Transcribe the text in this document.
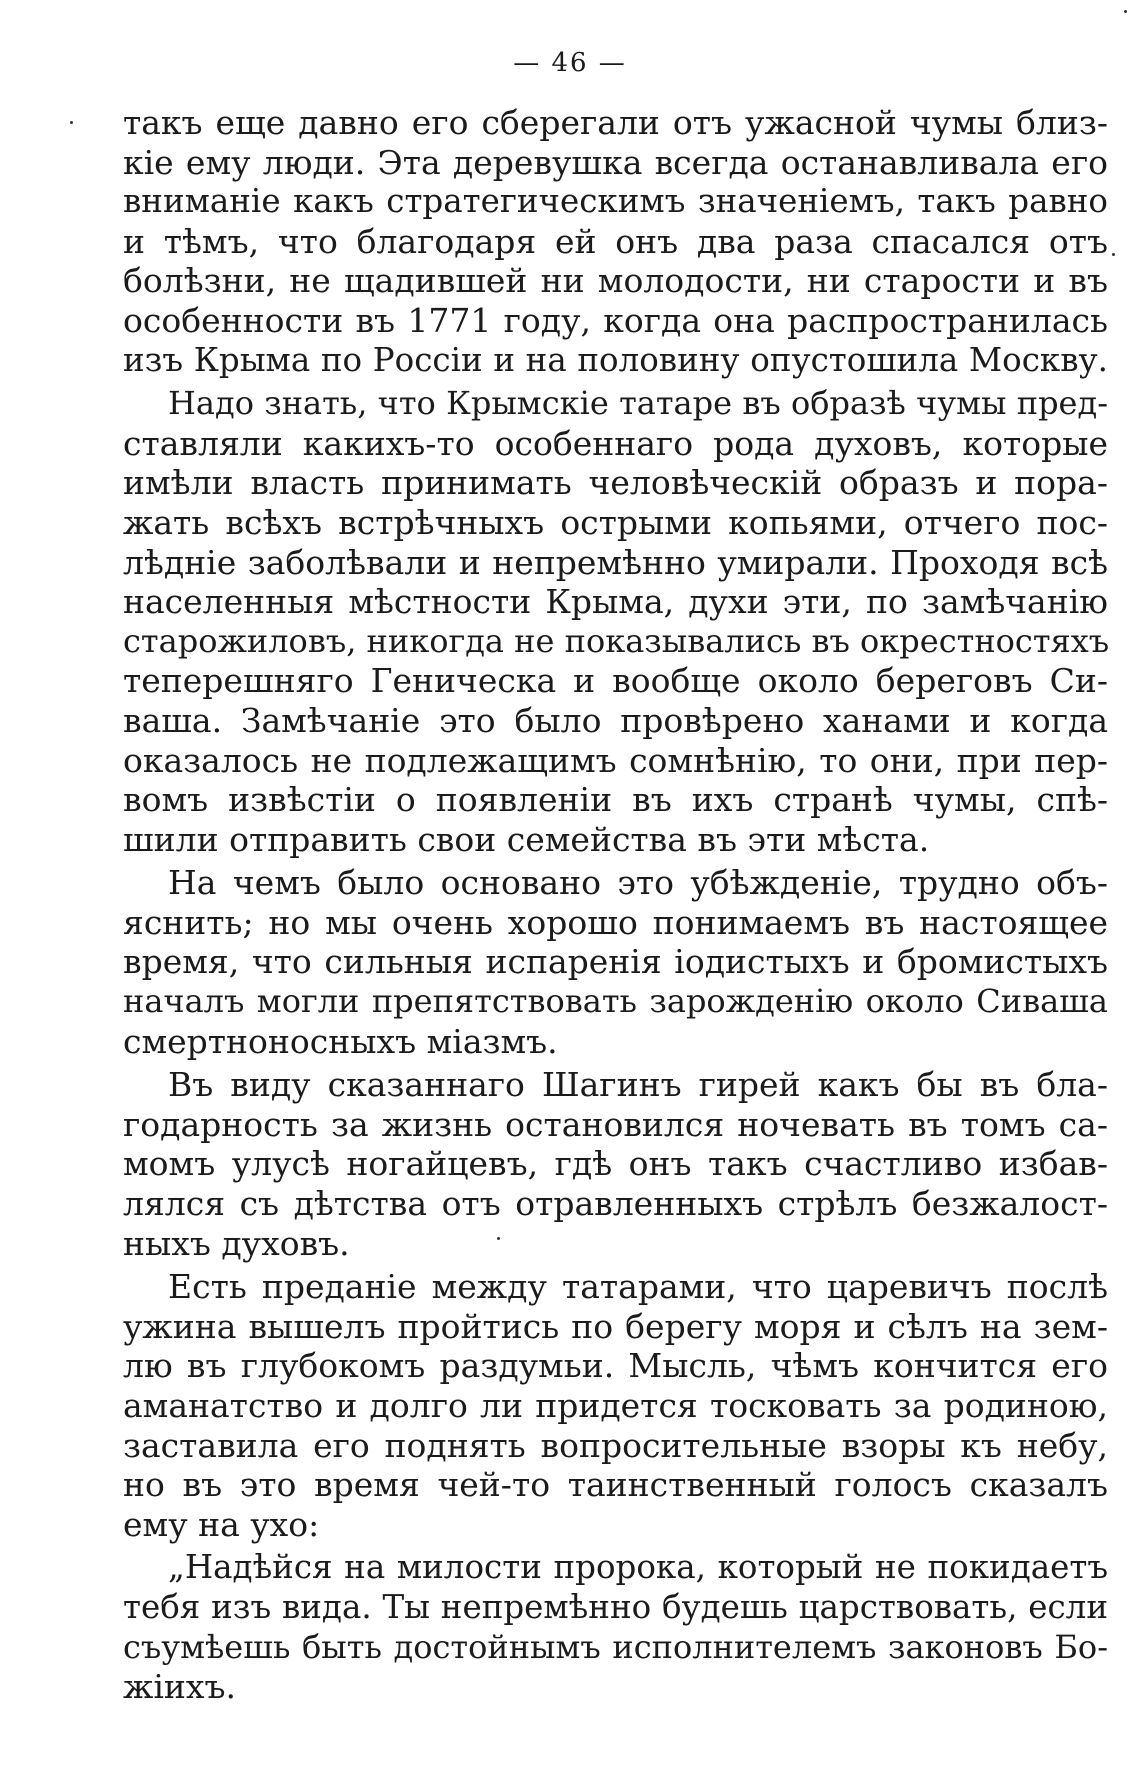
— 46 —
такъ еще давно его сберегали отъ ужасной чумы близ-
кіе ему люди. Эта деревушка всегда останавливала его
вниманіе какъ стратегическимъ значеніемъ, такъ равно
и тѣмъ, что благодаря ей онъ два раза спасался отъ
болѣзни, не щадившей ни молодости, ни старости и въ
особенности въ 1771 году, когда она распространилась
изъ Крыма по Россіи и на половину опустошила Москву.
Надо знать, что Крымскіе татаре въ образѣ чумы пред-
ставляли какихъ-то особеннаго рода духовъ, которые
имѣли власть принимать человѣческій образъ и пора-
жать всѣхъ встрѣчныхъ острыми копьями, отчего пос-
лѣдніе заболѣвали и непремѣнно умирали. Проходя всѣ
населенныя мѣстности Крыма, духи эти, по замѣчанію
старожиловъ, никогда не показывались въ окрестностяхъ
теперешняго Геническа и вообще около береговъ Си-
ваша. Замѣчаніе это было провѣрено ханами и когда
оказалось не подлежащимъ сомнѣнію, то они, при пер-
вомъ извѣстіи о появленіи въ ихъ странѣ чумы, спѣ-
шили отправить свои семейства въ эти мѣста.
На чемъ было основано это убѣжденіе, трудно объ-
яснить; но мы очень хорошо понимаемъ въ настоящее
время, что сильныя испаренія іодистыхъ и бромистыхъ
началъ могли препятствовать зарожденію около Сиваша
смертноносныхъ міазмъ.
Въ виду сказаннаго Шагинъ гирей какъ бы въ бла-
годарность за жизнь остановился ночевать въ томъ са-
момъ улусѣ ногайцевъ, гдѣ онъ такъ счастливо избав-
лялся съ дѣтства отъ отравленныхъ стрѣлъ безжалост-
ныхъ духовъ.
Есть преданіе между татарами, что царевичъ послѣ
ужина вышелъ пройтись по берегу моря и сѣлъ на зем-
лю въ глубокомъ раздумьи. Мысль, чѣмъ кончится его
аманатство и долго ли придется тосковать за родиною,
заставила его поднять вопросительные взоры къ небу,
но въ это время чей-то таинственный голосъ сказалъ
ему на ухо:
„Надѣйся на милости пророка, который не покидаетъ
тебя изъ вида. Ты непремѣнно будешь царствовать, если
съумѣешь быть достойнымъ исполнителемъ законовъ Бо-
жіихъ.
